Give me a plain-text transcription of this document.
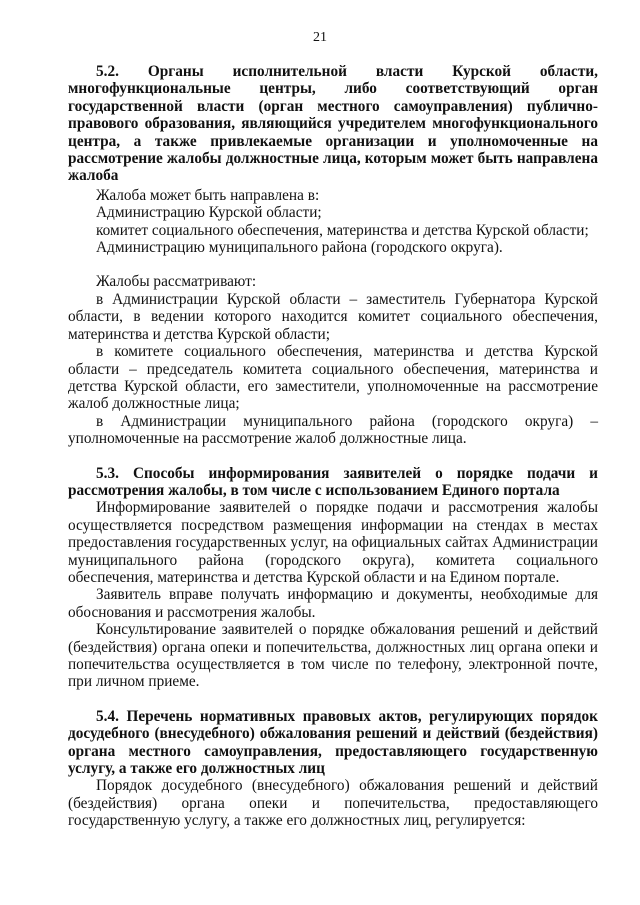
21

5.2. Органы исполнительной власти Курской области, многофункциональные центры, либо соответствующий орган государственной власти (орган местного самоуправления) публично-правового образования, являющийся учредителем многофункционального центра, а также привлекаемые организации и уполномоченные на рассмотрение жалобы должностные лица, которым может быть направлена жалоба

Жалоба может быть направлена в:

Администрацию Курской области;

комитет социального обеспечения, материнства и детства Курской области;

Администрацию муниципального района (городского округа).

Жалобы рассматривают:

в Администрации Курской области – заместитель Губернатора Курской области, в ведении которого находится комитет социального обеспечения, материнства и детства Курской области;

в комитете социального обеспечения, материнства и детства Курской области – председатель комитета социального обеспечения, материнства и детства Курской области, его заместители, уполномоченные на рассмотрение жалоб должностные лица;

в Администрации муниципального района (городского округа) – уполномоченные на рассмотрение жалоб должностные лица.

5.3. Способы информирования заявителей о порядке подачи и рассмотрения жалобы, в том числе с использованием Единого портала

Информирование заявителей о порядке подачи и рассмотрения жалобы осуществляется посредством размещения информации на стендах в местах предоставления государственных услуг, на официальных сайтах Администрации муниципального района (городского округа), комитета социального обеспечения, материнства и детства Курской области и на Едином портале.

Заявитель вправе получать информацию и документы, необходимые для обоснования и рассмотрения жалобы.

Консультирование заявителей о порядке обжалования решений и действий (бездействия) органа опеки и попечительства, должностных лиц органа опеки и попечительства осуществляется в том числе по телефону, электронной почте, при личном приеме.

5.4. Перечень нормативных правовых актов, регулирующих порядок досудебного (внесудебного) обжалования решений и действий (бездействия) органа местного самоуправления, предоставляющего государственную услугу, а также его должностных лиц

Порядок досудебного (внесудебного) обжалования решений и действий (бездействия) органа опеки и попечительства, предоставляющего государственную услугу, а также его должностных лиц, регулируется:
